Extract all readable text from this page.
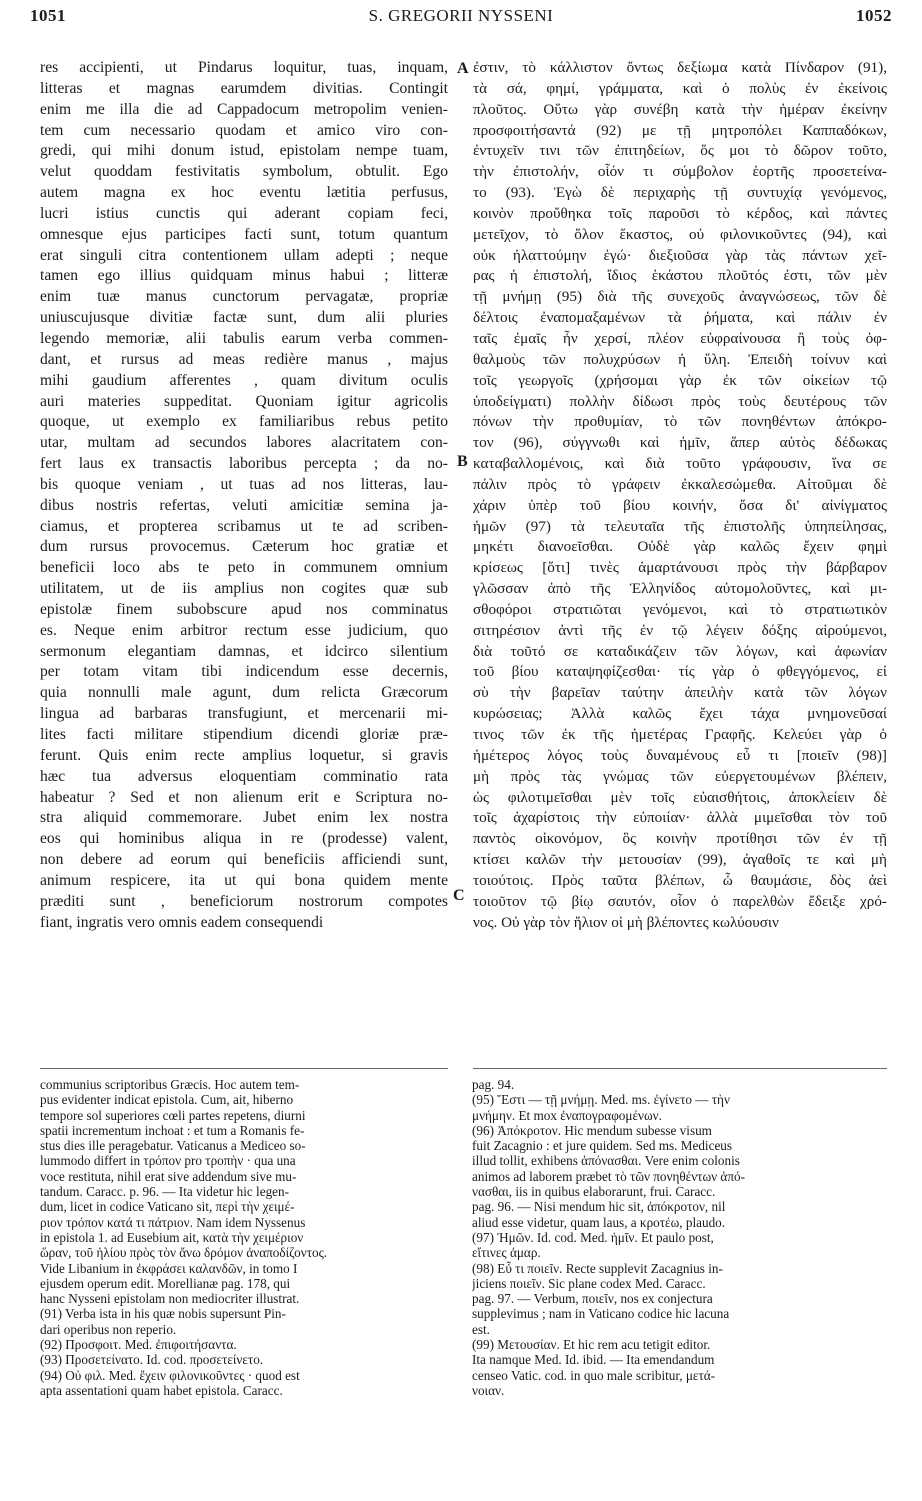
1051	S. GREGORII NYSSENI	1052
res accipienti, ut Pindarus loquitur, tuas, inquam,
litteras et magnas earumdem divitias. Contingit
enim me illa die ad Cappadocum metropolim venien-
tem cum necessario quodam et amico viro con-
gredi, qui mihi donum istud, epistolam nempe tuam,
velut quoddam festivitatis symbolum, obtulit. Ego
autem magna ex hoc eventu lætitia perfusus,
lucri istius cunctis qui aderant copiam feci,
omnesque ejus participes facti sunt, totum quantum
erat singuli citra contentionem ullam adepti ; neque
tamen ego illius quidquam minus habui ; litteræ
enim tuæ manus cunctorum pervagatæ, propriæ
uniuscujusque divitiæ factæ sunt, dum alii pluries
legendo memoriæ, alii tabulis earum verba commen-
dant, et rursus ad meas redière manus , majus
mihi gaudium afferentes , quam divitum oculis
auri materies suppeditat. Quoniam igitur agricolis
quoque, ut exemplo ex familiaribus rebus petito
utar, multam ad secundos labores alacritatem con-
fert laus ex transactis laboribus percepta ; da no-
bis quoque veniam , ut tuas ad nos litteras, lau-
dibus nostris refertas, veluti amicitiæ semina ja-
ciamus, et propterea scribamus ut te ad scriben-
dum rursus provocemus. Cæterum hoc gratiæ et
beneficii loco abs te peto in communem omnium
utilitatem, ut de iis amplius non cogites quæ sub
epistolæ finem subobscure apud nos comminatus
es. Neque enim arbitror rectum esse judicium, quo
sermonum elegantiam damnas, et idcirco silentium
per totam vitam tibi indicendum esse decernis,
quia nonnulli male agunt, dum relicta Græcorum
lingua ad barbaras transfugiunt, et mercenarii mi-
lites facti militare stipendium dicendi gloriæ præ-
ferunt. Quis enim recte amplius loquetur, si gravis
hæc tua adversus eloquentiam comminatio rata
habeatur ? Sed et non alienum erit e Scriptura no-
stra aliquid commemorare. Jubet enim lex nostra
eos qui hominibus aliqua in re (prodesse) valent,
non debere ad eorum qui beneficiis afficiendi sunt,
animum respicere, ita ut qui bona quidem mente
præditi sunt , beneficiorum nostrorum compotes
fiant, ingratis vero omnis eadem consequendi
ἐστιν, τὸ κάλλιστον ὄντως δεξίωμα κατὰ Πίνδαρον (91),
τὰ σά, φημί, γράμματα, καὶ ὁ πολὺς ἐν ἐκείνοις
πλοῦτος. Οὕτω γὰρ συνέβη κατὰ τὴν ἡμέραν ἐκείνην
προσφοιτήσαντά (92) με τῇ μητροπόλει Καππαδόκων,
ἐντυχεῖν τινι τῶν ἐπιτηδείων, ὅς μοι τὸ δῶρον τοῦτο,
τὴν ἐπιστολήν, οἷόν τι σύμβολον ἑορτῆς προσετείνα-
το (93). Ἐγὼ δὲ περιχαρὴς τῇ συντυχίᾳ γενόμενος,
κοινὸν προὔθηκα τοῖς παροῦσι τὸ κέρδος, καὶ πάντες
μετεῖχον, τὸ ὅλον ἕκαστος, οὐ φιλονικοῦντες (94), καὶ
οὐκ ἠλαττούμην ἐγώ· διεξιοῦσα γὰρ τὰς πάντων χεῖ-
ρας ἡ ἐπιστολή, ἴδιος ἑκάστου πλοῦτός ἐστι, τῶν μὲν
τῇ μνήμῃ (95) διὰ τῆς συνεχοῦς ἀναγνώσεως, τῶν δὲ
δέλτοις ἐναπομαξαμένων τὰ ῥήματα, καὶ πάλιν ἐν
ταῖς ἐμαῖς ἦν χερσί, πλέον εὐφραίνουσα ἢ τοὺς ὀφ-
θαλμοὺς τῶν πολυχρύσων ἡ ὕλη. Ἐπειδὴ τοίνυν καὶ
τοῖς γεωργοῖς (χρήσομαι γὰρ ἐκ τῶν οἰκείων τῷ
ὑποδείγματι) πολλὴν δίδωσι πρὸς τοὺς δευτέρους τῶν
πόνων τὴν προθυμίαν, τὸ τῶν πονηθέντων ἀπόκρο-
τον (96), σύγγνωθι καὶ ἡμῖν, ἅπερ αὐτὸς δέδωκας
καταβαλλομένοις, καὶ διὰ τοῦτο γράφουσιν, ἵνα σε
πάλιν πρὸς τὸ γράφειν ἐκκαλεσώμεθα. Αἰτοῦμαι δὲ
χάριν ὑπὲρ τοῦ βίου κοινήν, ὅσα δι' αἰνίγματος
ἡμῶν (97) τὰ τελευταῖα τῆς ἐπιστολῆς ὑπηπείλησας,
μηκέτι διανοεῖσθαι. Οὐδὲ γὰρ καλῶς ἔχειν φημὶ
κρίσεως [ὅτι] τινὲς ἁμαρτάνουσι πρὸς τὴν βάρβαρον
γλῶσσαν ἀπὸ τῆς Ἑλληνίδος αὐτομολοῦντες, καὶ μι-
σθοφόροι στρατιῶται γενόμενοι, καὶ τὸ στρατιωτικὸν
σιτηρέσιον ἀντὶ τῆς ἐν τῷ λέγειν δόξης αἱρούμενοι,
διὰ τοῦτό σε καταδικάζειν τῶν λόγων, καὶ ἀφωνίαν
τοῦ βίου καταψηφίζεσθαι· τίς γὰρ ὁ φθεγγόμενος, εἰ
σὺ τὴν βαρεῖαν ταύτην ἀπειλὴν κατὰ τῶν λόγων
κυρώσειας; Ἀλλὰ καλῶς ἔχει τάχα μνημονεῦσαί
τινος τῶν ἐκ τῆς ἡμετέρας Γραφῆς. Κελεύει γὰρ ὁ
ἡμέτερος λόγος τοὺς δυναμένους εὖ τι [ποιεῖν (98)]
μὴ πρὸς τὰς γνώμας τῶν εὐεργετουμένων βλέπειν,
ὡς φιλοτιμεῖσθαι μὲν τοῖς εὐαισθήτοις, ἀποκλείειν δὲ
τοῖς ἀχαρίστοις τὴν εὐποιίαν· ἀλλὰ μιμεῖσθαι τὸν τοῦ
παντὸς οἰκονόμον, ὃς κοινὴν προτίθησι τῶν ἐν τῇ
κτίσει καλῶν τὴν μετουσίαν (99), ἀγαθοῖς τε καὶ μὴ
τοιούτοις. Πρὸς ταῦτα βλέπων, ὦ θαυμάσιε, δὸς ἀεὶ
τοιοῦτον τῷ βίῳ σαυτόν, οἷον ὁ παρελθὼν ἔδειξε χρό-
νος. Οὐ γὰρ τὸν ἥλιον οἱ μὴ βλέποντες κωλύουσιν
A
B
C
communius scriptoribus Græcis. Hoc autem tem-
pus evidenter indicat epistola. Cum, ait, hiberno
tempore sol superiores cœli partes repetens, diurni
spatii incrementum inchoat : et tum a Romanis fe-
stus dies ille peragebatur. Vaticanus a Mediceo so-
lummodo differt in τρόπον pro τροπὴν · qua una
voce restituta, nihil erat sive addendum sive mu-
tandum. Caracc. p. 96. — Ita videtur hic legen-
dum, licet in codice Vaticano sit, περὶ τὴν χειμέ-
ριον τρόπον κατά τι πάτριον. Nam idem Nyssenus
in epistola 1. ad Eusebium ait, κατὰ τὴν χειμέριον
ὥραν, τοῦ ἡλίου πρὸς τὸν ἄνω δρόμον ἀναποδίζοντος.
Vide Libanium in ἐκφράσει καλανδῶν, in tomo I
ejusdem operum edit. Morellianæ pag. 178, qui
hanc Nysseni epistolam non mediocriter illustrat.
(91) Verba ista in his quæ nobis supersunt Pin-
dari operibus non reperio.
(92) Προσφοιτ. Med. ἐπιφοιτήσαντα.
(93) Προσετείνατο. Id. cod. προσετείνετο.
(94) Οὐ φιλ. Med. ἔχειν φιλονικοῦντες · quod est
apta assentationi quam habet epistola. Caracc.
pag. 94.
(95) Ἔστι — τῇ μνήμῃ. Med. ms. ἐγίνετο — τὴν
μνήμην. Et mox ἐναπογραφομένων.
(96) Ἀπόκροτον. Hic mendum subesse visum
fuit Zacagnio : et jure quidem. Sed ms. Mediceus
illud tollit, exhibens ἀπόνασθαι. Vere enim colonis
animos ad laborem præbet τὸ τῶν πονηθέντων ἀπό-
νασθαι, iis in quibus elaborarunt, frui. Caracc.
pag. 96. — Nisi mendum hic sit, ἀπόκροτον, nil
aliud esse videtur, quam laus, a κροτέω, plaudo.
(97) Ἡμῶν. Id. cod. Med. ἡμῖν. Et paulo post,
εἴτινες ἁμαρ.
(98) Εὖ τι ποιεῖν. Recte supplevit Zacagnius in-
jiciens ποιεῖν. Sic plane codex Med. Caracc.
pag. 97. — Verbum, ποιεῖν, nos ex conjectura
supplevimus ; nam in Vaticano codice hic lacuna
est.
(99) Μετουσίαν. Et hic rem acu tetigit editor.
Ita namque Med. Id. ibid. — Ita emendandum
censeo Vatic. cod. in quo male scribitur, μετά-
νοιαν.
